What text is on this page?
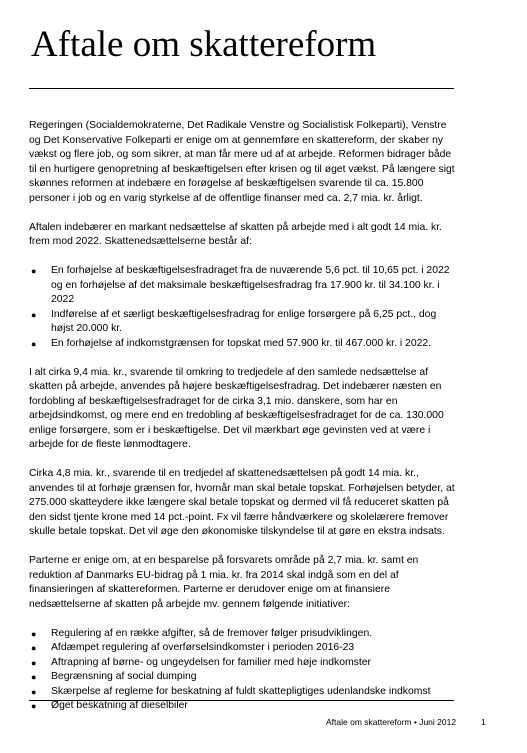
Aftale om skattereform

Regeringen (Socialdemokraterne, Det Radikale Venstre og Socialistisk Folkeparti), Venstre og Det Konservative Folkeparti er enige om at gennemføre en skattereform, der skaber ny vækst og flere job, og som sikrer, at man får mere ud af at arbejde. Reformen bidrager både til en hurtigere genopretning af beskæftigelsen efter krisen og til øget vækst. På længere sigt skønnes reformen at indebære en forøgelse af beskæftigelsen svarende til ca. 15.800 personer i job og en varig styrkelse af de offentlige finanser med ca. 2,7 mia. kr. årligt.

Aftalen indebærer en markant nedsættelse af skatten på arbejde med i alt godt 14 mia. kr. frem mod 2022. Skattenedsættelserne består af:

● En forhøjelse af beskæftigelsesfradraget fra de nuværende 5,6 pct. til 10,65 pct. i 2022 og en forhøjelse af det maksimale beskæftigelsesfradrag fra 17.900 kr. til 34.100 kr. i 2022
● Indførelse af et særligt beskæftigelsesfradrag for enlige forsørgere på 6,25 pct., dog højst 20.000 kr.
● En forhøjelse af indkomstgrænsen for topskat med 57.900 kr. til 467.000 kr. i 2022.

I alt cirka 9,4 mia. kr., svarende til omkring to tredjedele af den samlede nedsættelse af skatten på arbejde, anvendes på højere beskæftigelsesfradrag. Det indebærer næsten en fordobling af beskæftigelsesfradraget for de cirka 3,1 mio. danskere, som har en arbejdsindkomst, og mere end en tredobling af beskæftigelsesfradraget for de ca. 130.000 enlige forsørgere, som er i beskæftigelse. Det vil mærkbart øge gevinsten ved at være i arbejde for de fleste lønmodtagere.

Cirka 4,8 mia. kr., svarende til en tredjedel af skattenedsættelsen på godt 14 mia. kr., anvendes til at forhøje grænsen for, hvornår man skal betale topskat. Forhøjelsen betyder, at 275.000 skatteydere ikke længere skal betale topskat og dermed vil få reduceret skatten på den sidst tjente krone med 14 pct.-point. Fx vil færre håndværkere og skolelærere fremover skulle betale topskat. Det vil øge den økonomiske tilskyndelse til at gøre en ekstra indsats.

Parterne er enige om, at en besparelse på forsvarets område på 2,7 mia. kr. samt en reduktion af Danmarks EU-bidrag på 1 mia. kr. fra 2014 skal indgå som en del af finansieringen af skattereformen. Parterne er derudover enige om at finansiere nedsættelserne af skatten på arbejde mv. gennem følgende initiativer:

● Regulering af en række afgifter, så de fremover følger prisudviklingen.
● Afdæmpet regulering af overførselsindkomster i perioden 2016-23
● Aftrapning af børne- og ungeydelsen for familier med høje indkomster
● Begrænsning af social dumping
● Skærpelse af reglerne for beskatning af fuldt skattepligtiges udenlandske indkomst
● Øget beskatning af dieselbiler
Aftale om skattereform • Juni 2012	1
